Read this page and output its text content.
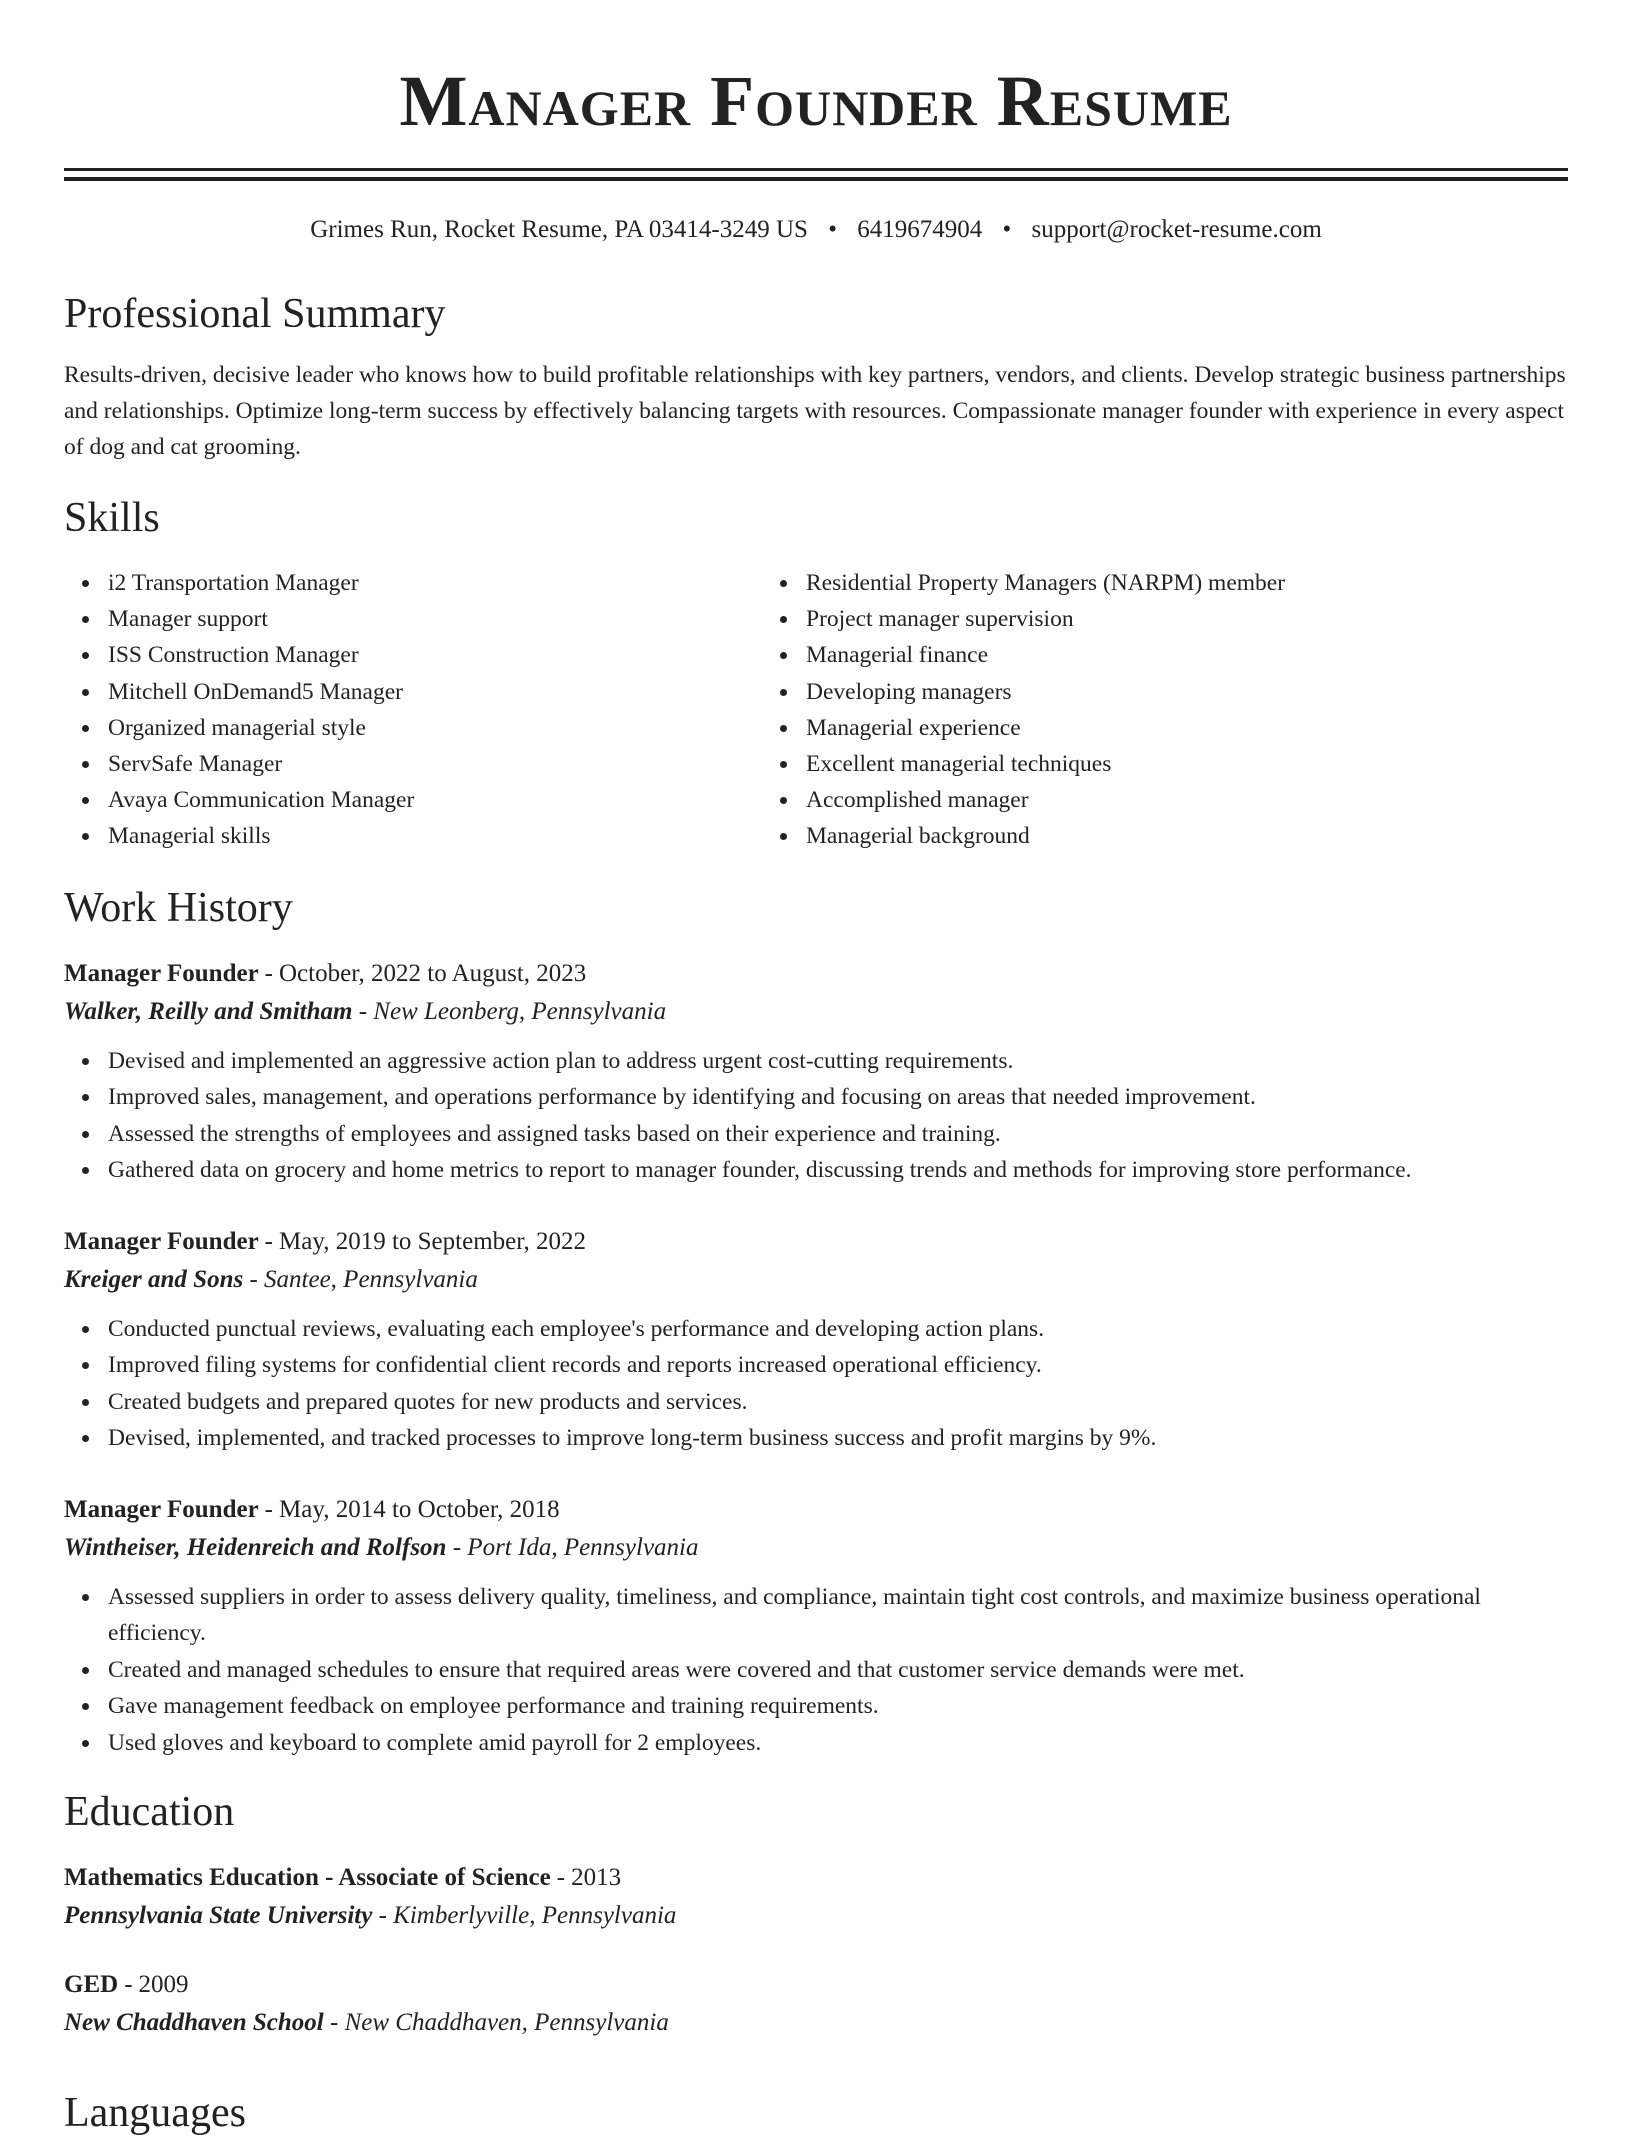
Manager Founder Resume
Grimes Run, Rocket Resume, PA 03414-3249 US • 6419674904 • support@rocket-resume.com
Professional Summary

Results-driven, decisive leader who knows how to build profitable relationships with key partners, vendors, and clients. Develop strategic business partnerships and relationships. Optimize long-term success by effectively balancing targets with resources. Compassionate manager founder with experience in every aspect of dog and cat grooming.

Skills
i2 Transportation Manager
Manager support
ISS Construction Manager
Mitchell OnDemand5 Manager
Organized managerial style
ServSafe Manager
Avaya Communication Manager
Managerial skills
Residential Property Managers (NARPM) member
Project manager supervision
Managerial finance
Developing managers
Managerial experience
Excellent managerial techniques
Accomplished manager
Managerial background
Work History
Manager Founder - October, 2022 to August, 2023
Walker, Reilly and Smitham - New Leonberg, Pennsylvania
Devised and implemented an aggressive action plan to address urgent cost-cutting requirements.
Improved sales, management, and operations performance by identifying and focusing on areas that needed improvement.
Assessed the strengths of employees and assigned tasks based on their experience and training.
Gathered data on grocery and home metrics to report to manager founder, discussing trends and methods for improving store performance.
Manager Founder - May, 2019 to September, 2022
Kreiger and Sons - Santee, Pennsylvania
Conducted punctual reviews, evaluating each employee's performance and developing action plans.
Improved filing systems for confidential client records and reports increased operational efficiency.
Created budgets and prepared quotes for new products and services.
Devised, implemented, and tracked processes to improve long-term business success and profit margins by 9%.
Manager Founder - May, 2014 to October, 2018
Wintheiser, Heidenreich and Rolfson - Port Ida, Pennsylvania
Assessed suppliers in order to assess delivery quality, timeliness, and compliance, maintain tight cost controls, and maximize business operational efficiency.
Created and managed schedules to ensure that required areas were covered and that customer service demands were met.
Gave management feedback on employee performance and training requirements.
Used gloves and keyboard to complete amid payroll for 2 employees.
Education
Mathematics Education - Associate of Science - 2013
Pennsylvania State University - Kimberlyville, Pennsylvania
GED - 2009
New Chaddhaven School - New Chaddhaven, Pennsylvania
Languages
